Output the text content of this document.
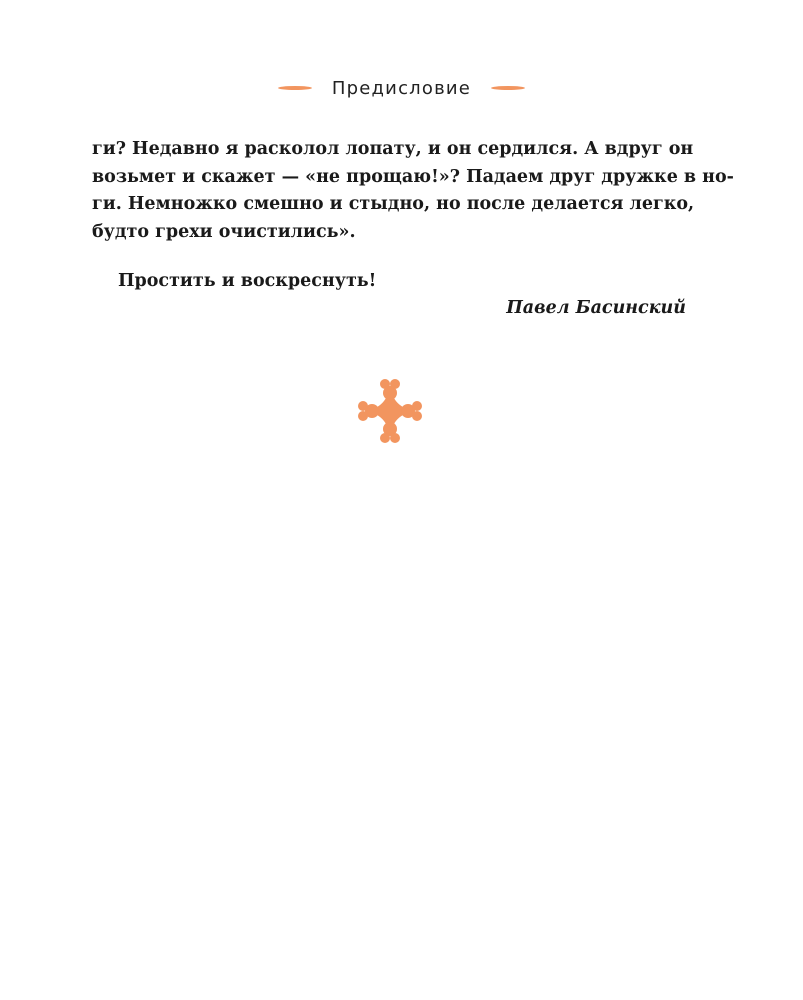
Предисловие
ги? Недавно я расколол лопату, и он сердился. А вдруг он
возьмет и скажет — «не прощаю!»? Падаем друг дружке в но-
ги. Немножко смешно и стыдно, но после делается легко,
будто грехи очистились».
Простить и воскреснуть!
Павел Басинский
